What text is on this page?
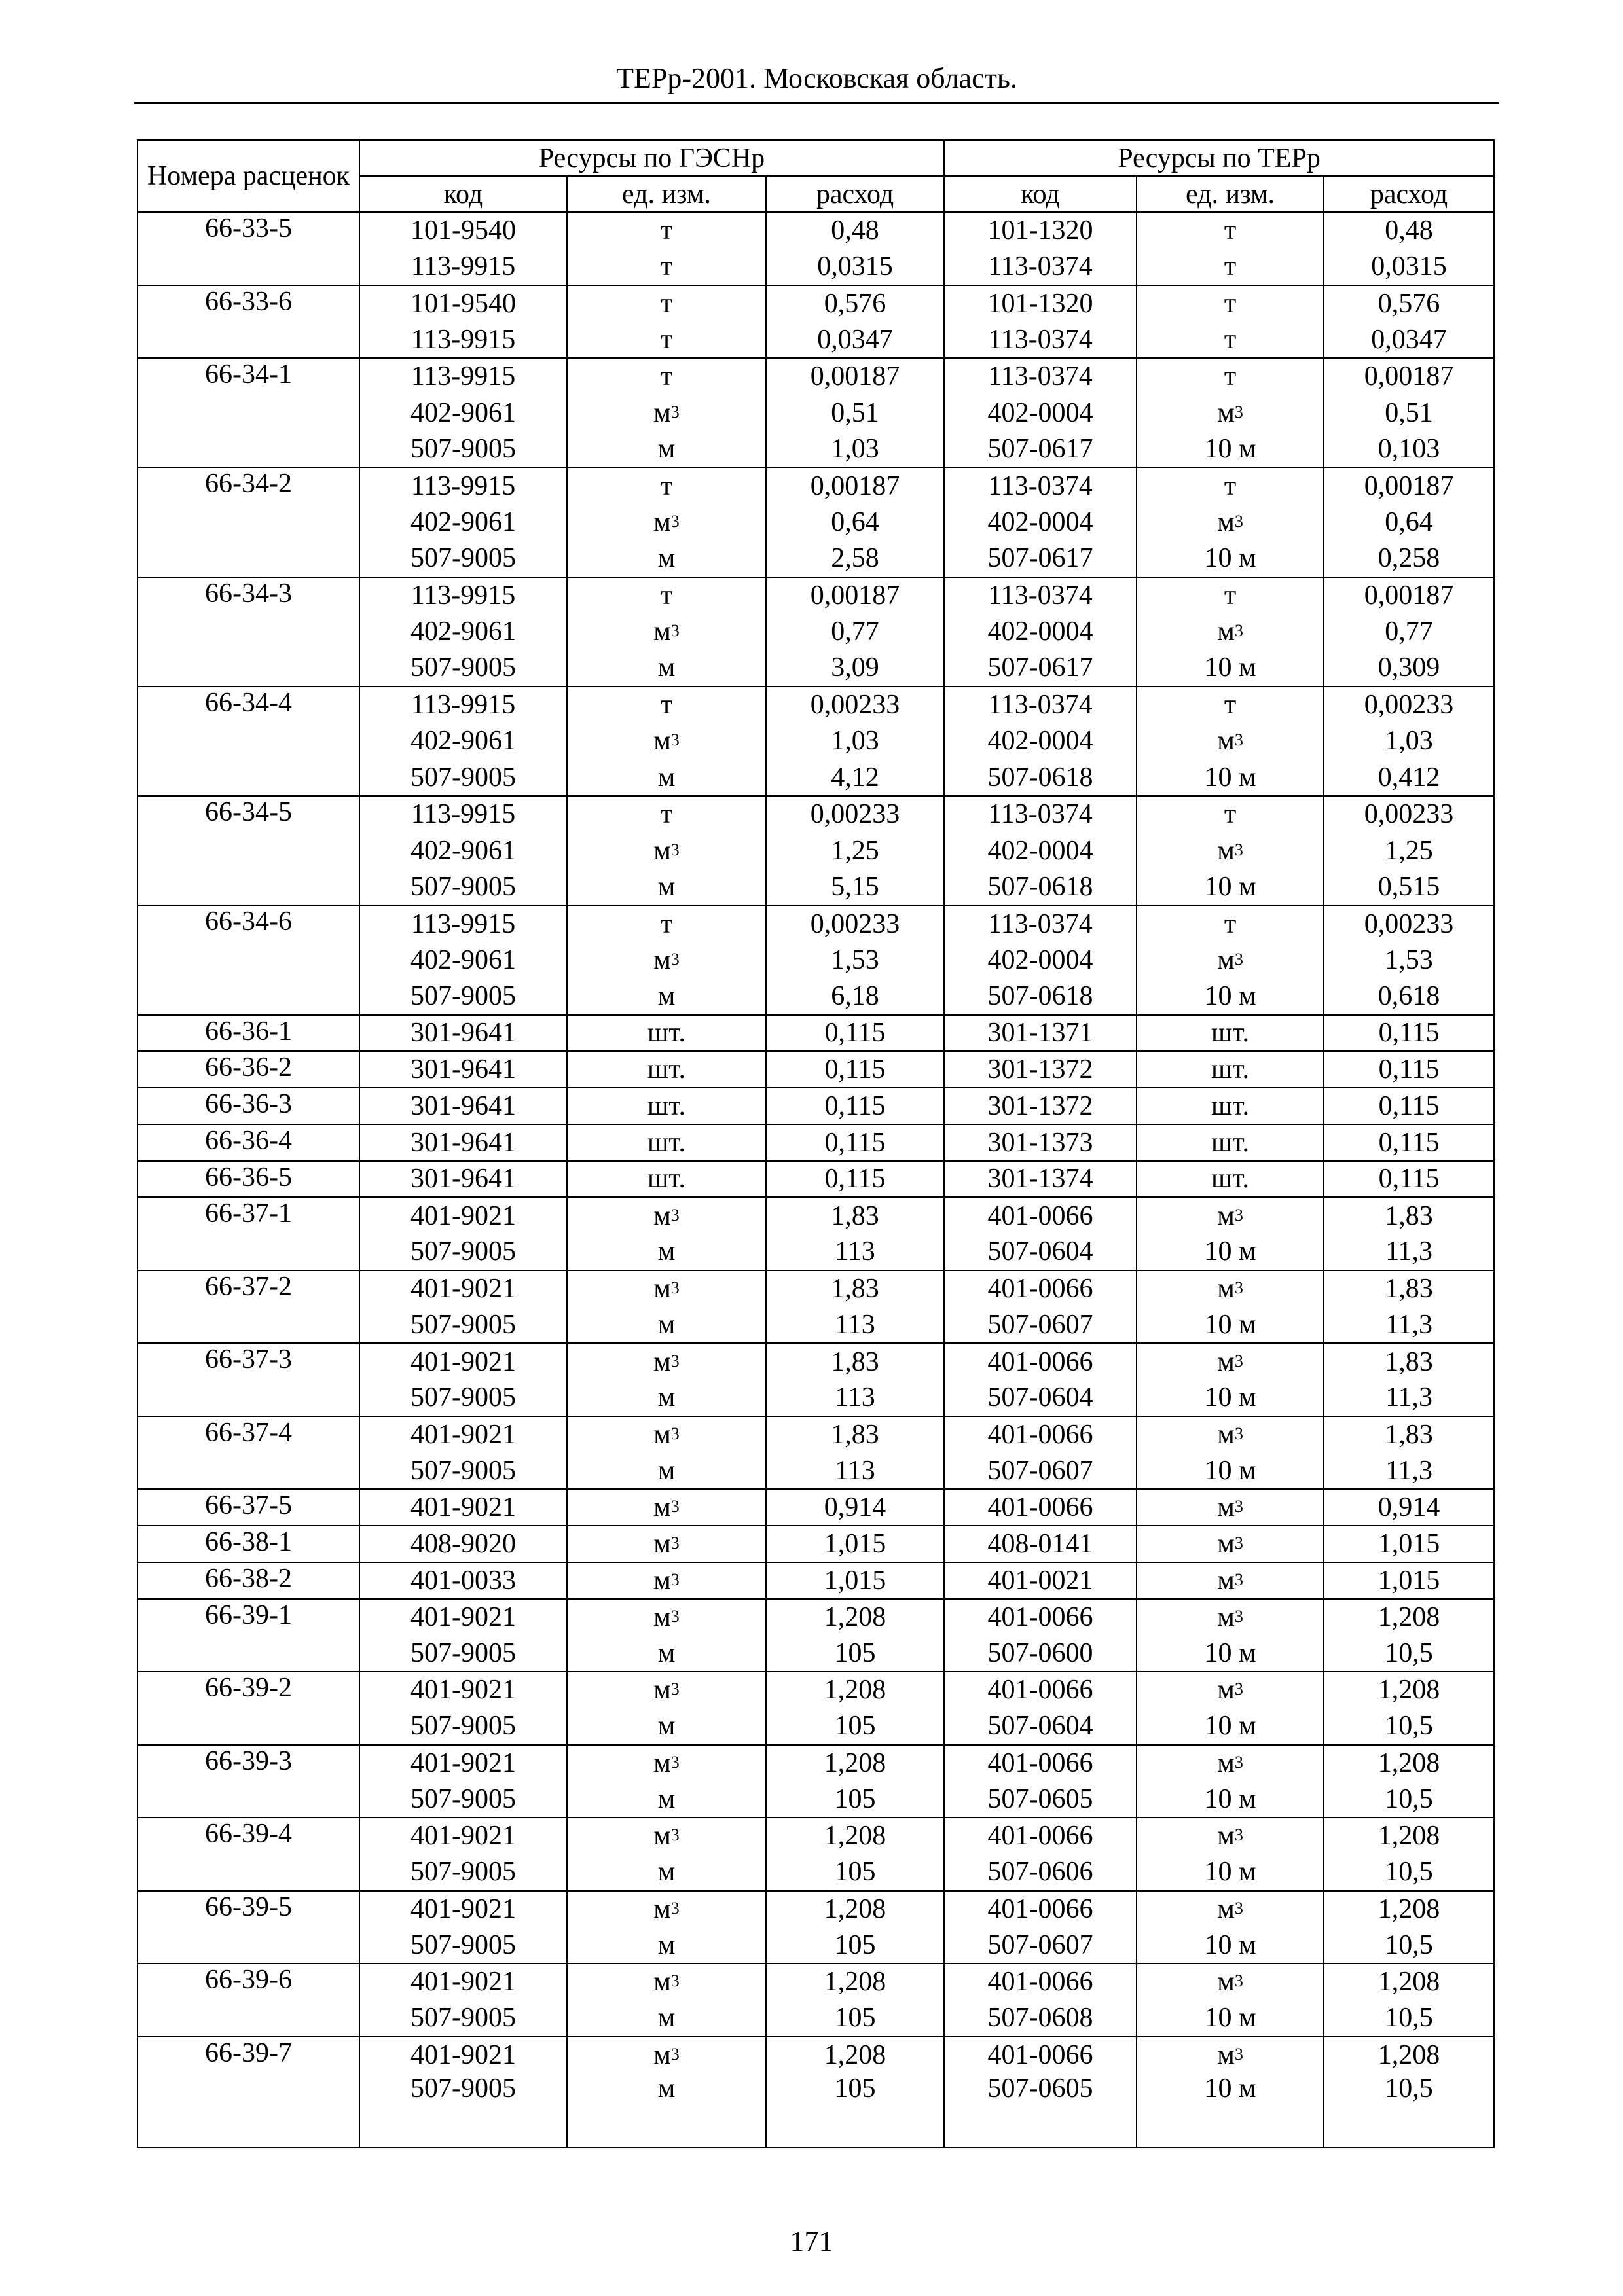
ТЕРр-2001. Московская область.
Номера расценок	Ресурсы по ГЭСНр			Ресурсы по ТЕРр		
	код	ед. изм.	расход	код	ед. изм.	расход
66-33-5	101-9540	т	0,48	101-1320	т	0,48
	113-9915	т	0,0315	113-0374	т	0,0315
66-33-6	101-9540	т	0,576	101-1320	т	0,576
	113-9915	т	0,0347	113-0374	т	0,0347
66-34-1	113-9915	т	0,00187	113-0374	т	0,00187
	402-9061	$м^3$	0,51	402-0004	$м^3$	0,51
	507-9005	м	1,03	507-0617	10 м	0,103
66-34-2	113-9915	т	0,00187	113-0374	т	0,00187
	402-9061	$м^3$	0,64	402-0004	$м^3$	0,64
	507-9005	м	2,58	507-0617	10 м	0,258
66-34-3	113-9915	т	0,00187	113-0374	т	0,00187
	402-9061	$м^3$	0,77	402-0004	$м^3$	0,77
	507-9005	м	3,09	507-0617	10 м	0,309
66-34-4	113-9915	т	0,00233	113-0374	т	0,00233
	402-9061	$м^3$	1,03	402-0004	$м^3$	1,03
	507-9005	м	4,12	507-0618	10 м	0,412
66-34-5	113-9915	т	0,00233	113-0374	т	0,00233
	402-9061	$м^3$	1,25	402-0004	$м^3$	1,25
	507-9005	м	5,15	507-0618	10 м	0,515
66-34-6	113-9915	т	0,00233	113-0374	т	0,00233
	402-9061	$м^3$	1,53	402-0004	$м^3$	1,53
	507-9005	м	6,18	507-0618	10 м	0,618
66-36-1	301-9641	шт.	0,115	301-1371	шт.	0,115
66-36-2	301-9641	шт.	0,115	301-1372	шт.	0,115
66-36-3	301-9641	шт.	0,115	301-1372	шт.	0,115
66-36-4	301-9641	шт.	0,115	301-1373	шт.	0,115
66-36-5	301-9641	шт.	0,115	301-1374	шт.	0,115
66-37-1	401-9021	$м^3$	1,83	401-0066	$м^3$	1,83
	507-9005	м	113	507-0604	10 м	11,3
66-37-2	401-9021	$м^3$	1,83	401-0066	$м^3$	1,83
	507-9005	м	113	507-0607	10 м	11,3
66-37-3	401-9021	$м^3$	1,83	401-0066	$м^3$	1,83
	507-9005	м	113	507-0604	10 м	11,3
66-37-4	401-9021	$м^3$	1,83	401-0066	$м^3$	1,83
	507-9005	м	113	507-0607	10 м	11,3
66-37-5	401-9021	$м^3$	0,914	401-0066	$м^3$	0,914
66-38-1	408-9020	$м^3$	1,015	408-0141	$м^3$	1,015
66-38-2	401-0033	$м^3$	1,015	401-0021	$м^3$	1,015
66-39-1	401-9021	$м^3$	1,208	401-0066	$м^3$	1,208
	507-9005	м	105	507-0600	10 м	10,5
66-39-2	401-9021	$м^3$	1,208	401-0066	$м^3$	1,208
	507-9005	м	105	507-0604	10 м	10,5
66-39-3	401-9021	$м^3$	1,208	401-0066	$м^3$	1,208
	507-9005	м	105	507-0605	10 м	10,5
66-39-4	401-9021	$м^3$	1,208	401-0066	$м^3$	1,208
	507-9005	м	105	507-0606	10 м	10,5
66-39-5	401-9021	$м^3$	1,208	401-0066	$м^3$	1,208
	507-9005	м	105	507-0607	10 м	10,5
66-39-6	401-9021	$м^3$	1,208	401-0066	$м^3$	1,208
	507-9005	м	105	507-0608	10 м	10,5
66-39-7	401-9021	$м^3$	1,208	401-0066	$м^3$	1,208
	507-9005	м	105	507-0605	10 м	10,5
171
